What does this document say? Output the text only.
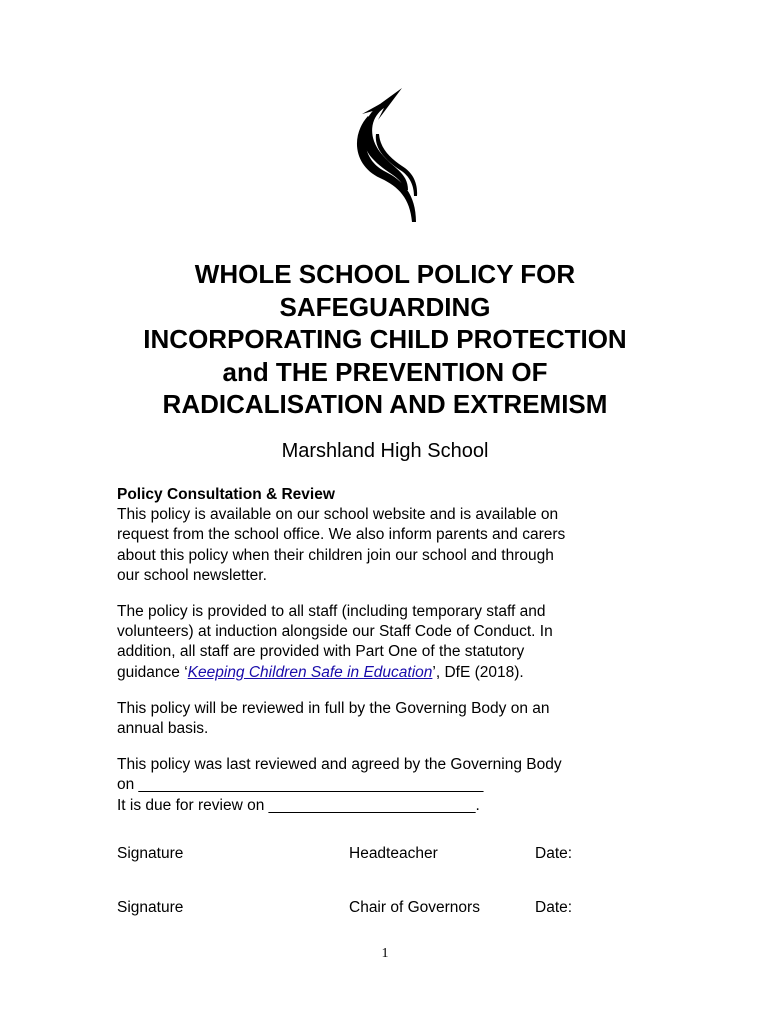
WHOLE SCHOOL POLICY FOR
SAFEGUARDING
INCORPORATING CHILD PROTECTION
and THE PREVENTION OF
RADICALISATION AND EXTREMISM
Marshland High School

Policy Consultation & Review
This policy is available on our school website and is available on
request from the school office. We also inform parents and carers
about this policy when their children join our school and through
our school newsletter.

The policy is provided to all staff (including temporary staff and
volunteers) at induction alongside our Staff Code of Conduct. In
addition, all staff are provided with Part One of the statutory
guidance ‘Keeping Children Safe in Education’, DfE (2018).

This policy will be reviewed in full by the Governing Body on an
annual basis.

This policy was last reviewed and agreed by the Governing Body
on ________________________________________
It is due for review on ________________________.

Signature	Headteacher	Date:
Signature	Chair of Governors	Date:
1
